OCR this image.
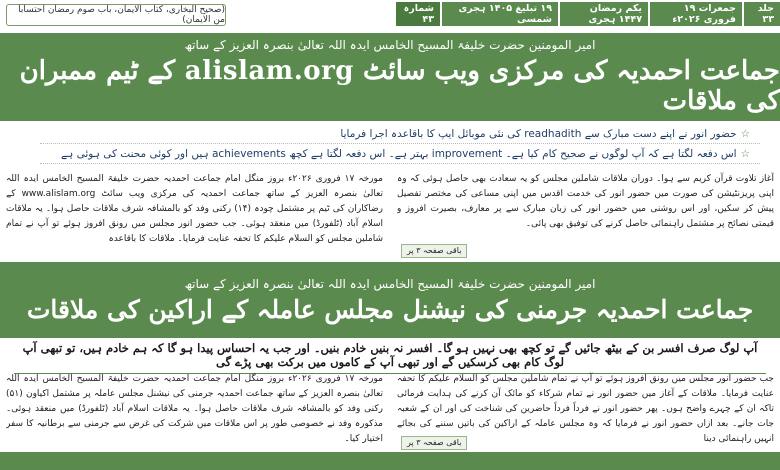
(صحیح البخاری، کتاب الایمان، باب صوم رمضان احتسابا من الایمان)
جلد ۳۳
جمعرات ۱۹ فروری ۲۰۲۶ء
یکم رمضان ۱۴۴۷ ہجری
۱۹ تبلیغ ۱۴۰۵ ہجری شمسی
شمارہ ۴۳
امیر المومنین حضرت خلیفۃ المسیح الخامس ایدہ اللہ تعالیٰ بنصرہ العزیز کے ساتھ
جماعت احمدیہ کی مرکزی ویب سائٹ alislam.org کے ٹیم ممبران کی ملاقات

☆حضور انور نے اپنے دست مبارک سے readhadith کی نئی موبائل ایپ کا باقاعدہ اجرا فرمایا

☆اس دفعہ لگتا ہے کہ آپ لوگوں نے صحیح کام کیا ہے۔ improvement بہتر ہے۔ اس دفعہ لگتا ہے کچھ achievements ہیں اور کوئی محنت کی ہوئی ہے

مورخہ ۱۷ فروری ۲۰۲۶ء بروز منگل امام جماعت احمدیہ حضرت خلیفۃ المسیح الخامس ایدہ اللہ تعالیٰ بنصرہ العزیز کے ساتھ جماعت احمدیہ کی مرکزی ویب سائٹ www.alislam.org کے رضاکاران کی ٹیم پر مشتمل چودہ (۱۴) رکنی وفد کو بالمشافہ شرف ملاقات حاصل ہوا۔ یہ ملاقات اسلام آباد (ٹلفورڈ) میں منعقد ہوئی۔ جب حضور انور مجلس میں رونق افروز ہوئے تو آپ نے تمام شاملین مجلس کو السلام علیکم کا تحفہ عنایت فرمایا۔ ملاقات کا باقاعدہ
آغاز تلاوت قرآن کریم سے ہوا۔ دوران ملاقات شاملین مجلس کو یہ سعادت بھی حاصل ہوئی کہ وہ اپنی پریزنٹیشن کی صورت میں حضور انور کی خدمت اقدس میں اپنی مساعی کی مختصر تفصیل پیش کر سکیں، اور اس روشنی میں حضور انور کی زبان مبارک سے پر معارف، بصیرت افروز و قیمتی نصائح پر مشتمل راہنمائی حاصل کرنے کی توفیق بھی پائی۔
باقی صفحہ ۳ پر
امیر المومنین حضرت خلیفۃ المسیح الخامس ایدہ اللہ تعالیٰ بنصرہ العزیز کے ساتھ
جماعت احمدیہ جرمنی کی نیشنل مجلس عاملہ کے اراکین کی ملاقات
آپ لوگ صرف افسر بن کے بیٹھ جائیں گے تو کچھ بھی نہیں ہو گا۔ افسر نہ بنیں خادم بنیں۔ اور جب یہ احساس پیدا ہو گا کہ ہم خادم ہیں، تو تبھی آپ لوگ کام بھی کرسکیں گے اور تبھی آپ کے کاموں میں برکت بھی پڑے گی
مورخہ ۱۷ فروری ۲۰۲۶ء بروز منگل امام جماعت احمدیہ حضرت خلیفۃ المسیح الخامس ایدہ اللہ تعالیٰ بنصرہ العزیز کے ساتھ جماعت احمدیہ جرمنی کی نیشنل مجلس عاملہ پر مشتمل اکیاون (۵۱) رکنی وفد کو بالمشافہ شرف ملاقات حاصل ہوا۔ یہ ملاقات اسلام آباد (ٹلفورڈ) میں منعقد ہوئی۔ مذکورہ وفد نے خصوصی طور پر اس ملاقات میں شرکت کی غرض سے جرمنی سے برطانیہ کا سفر اختیار کیا۔
جب حضور انور مجلس میں رونق افروز ہوئے تو آپ نے تمام شاملین مجلس کو السلام علیکم کا تحفہ عنایت فرمایا۔ ملاقات کے آغاز میں حضور انور نے تمام شرکاء کو مائک آن کرنے کی ہدایت فرمائی تاکہ ان کے چہرے واضح ہوں۔ پھر حضور انور نے فرداً فرداً حاضرین کی شناخت کی اور ان کے شعبہ جات جانے۔ بعد ازاں حضور انور نے فرمایا کہ وہ مجلس عاملہ کے اراکین کی باتیں سننے کی بجائے انہیں راہنمائی دینا
باقی صفحہ ۳ پر
